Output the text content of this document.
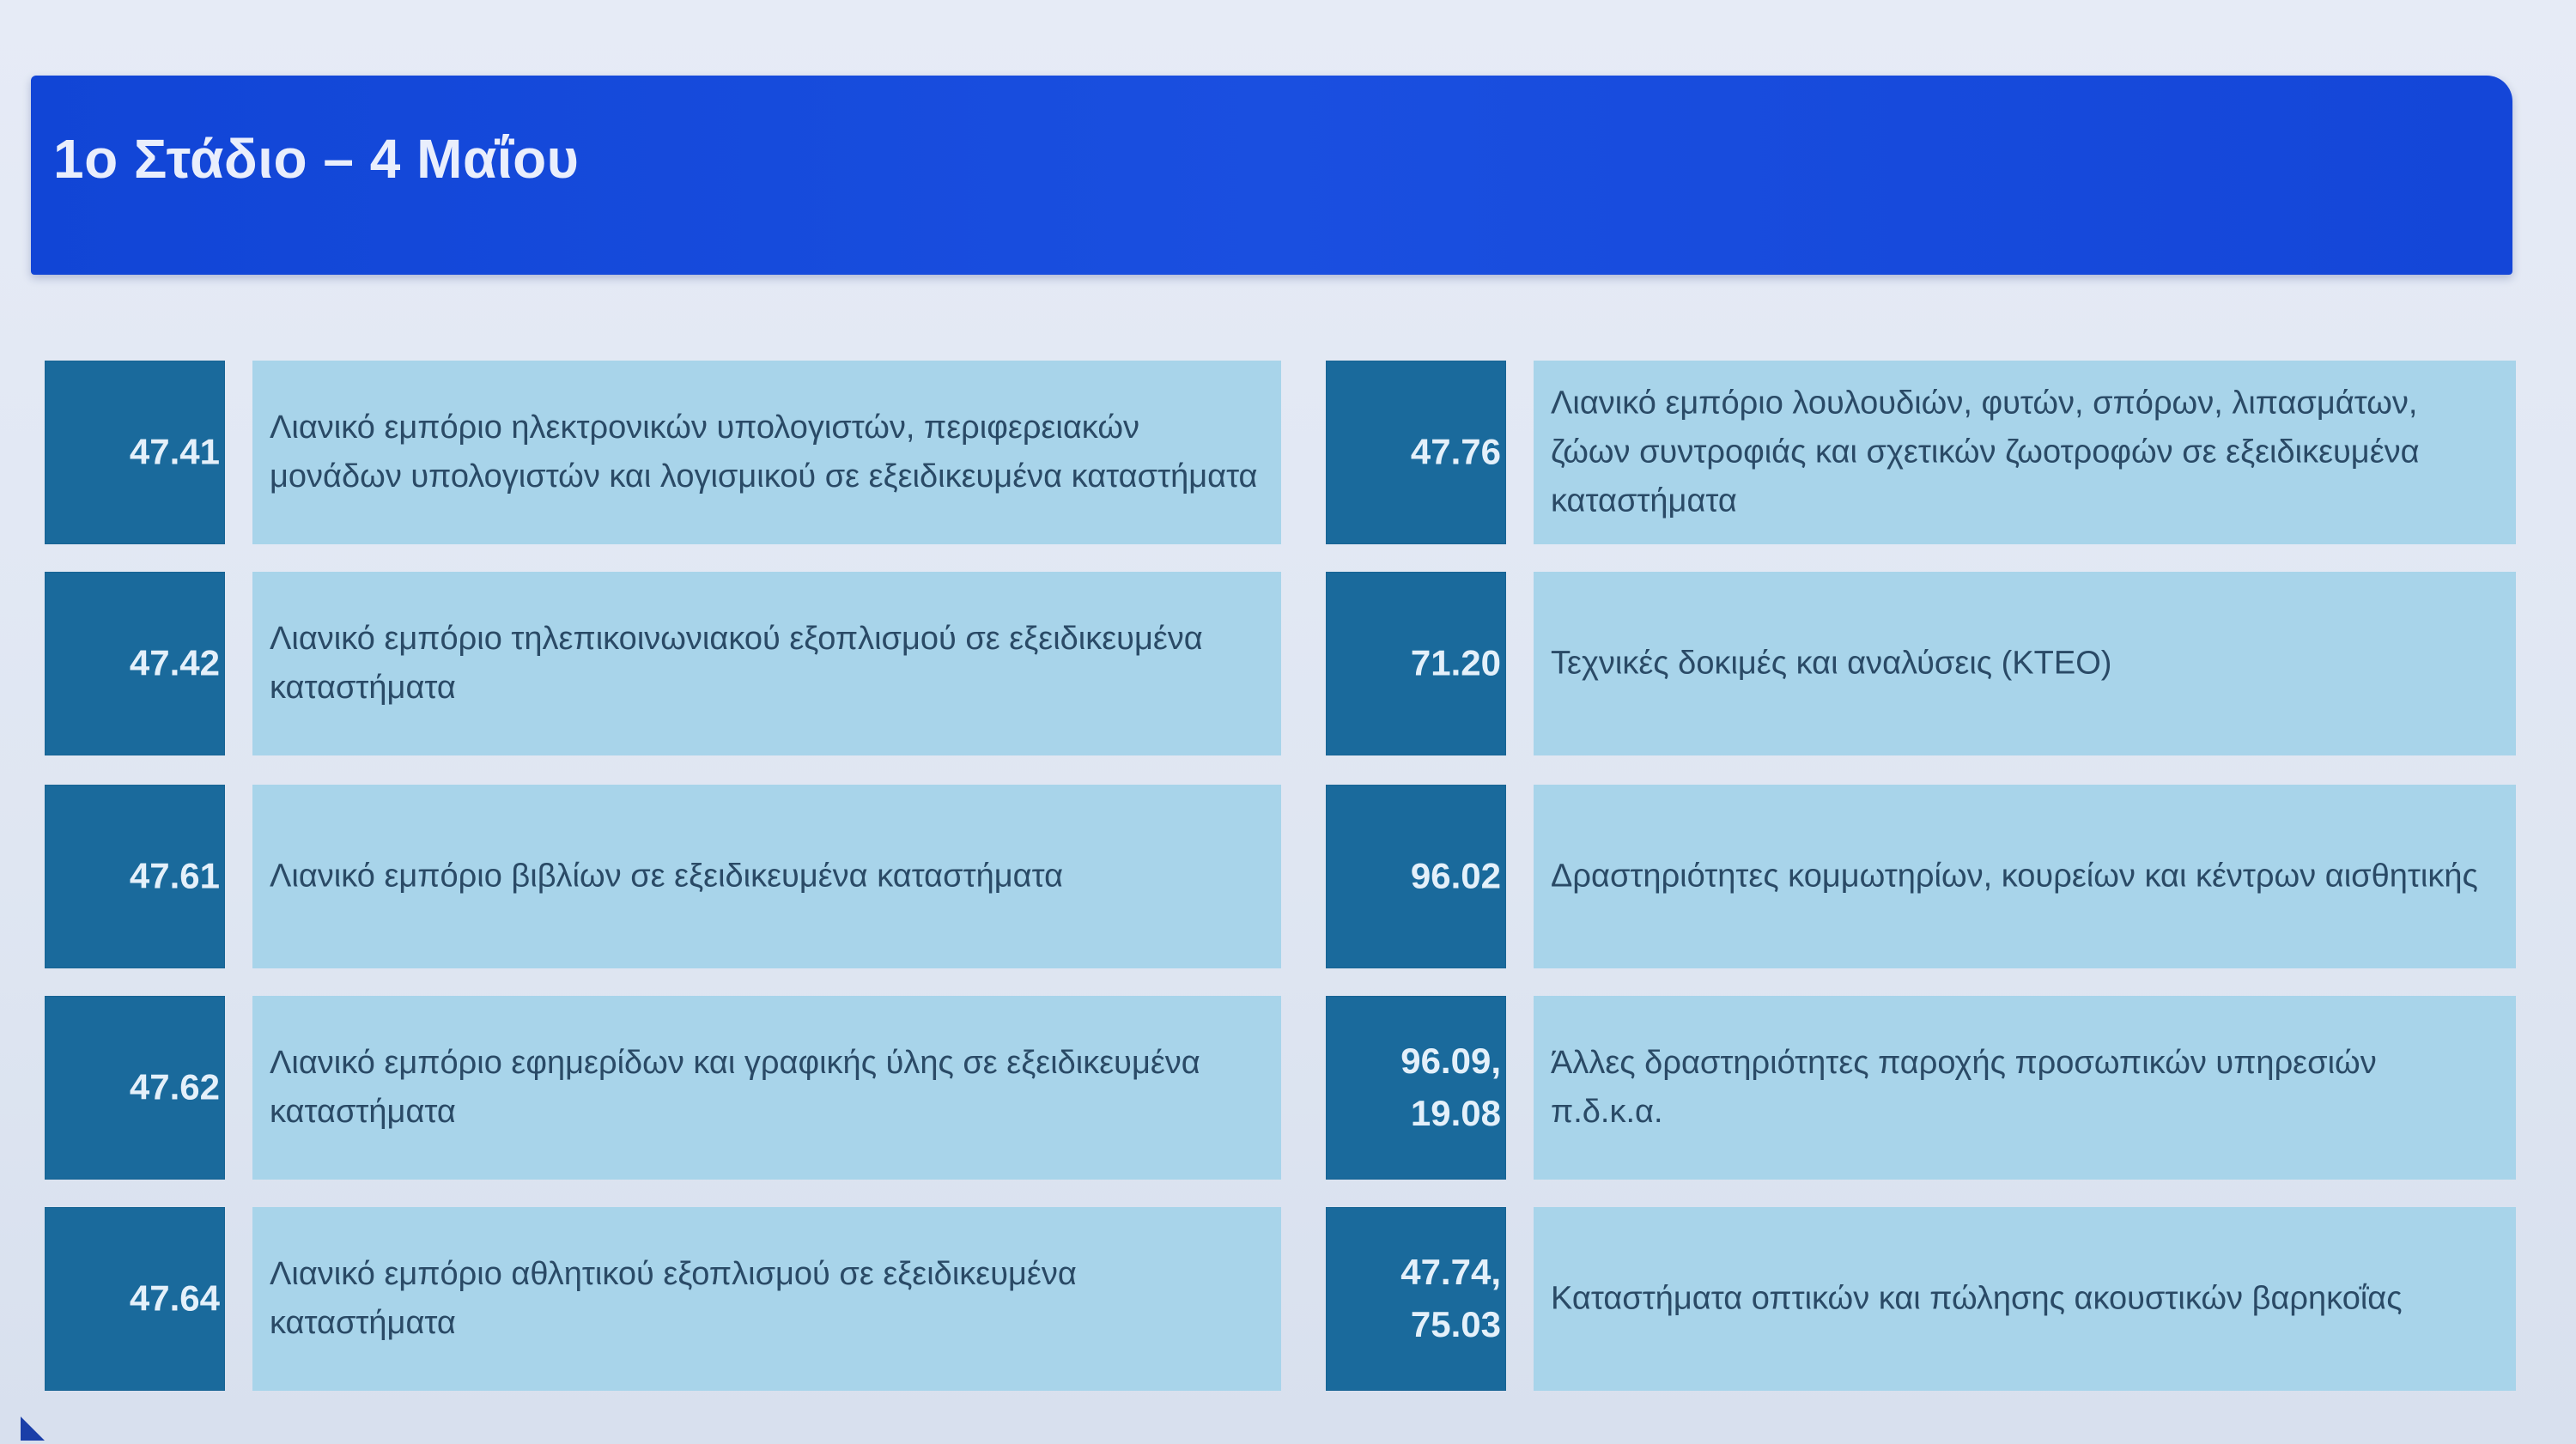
1ο Στάδιο – 4 Μαΐου
47.41
Λιανικό εμπόριο ηλεκτρονικών υπολογιστών, περιφερειακών μονάδων υπολογιστών και λογισμικού σε εξειδικευμένα καταστήματα
47.42
Λιανικό εμπόριο τηλεπικοινωνιακού εξοπλισμού σε εξειδικευμένα καταστήματα
47.61 Λιανικό εμπόριο βιβλίων σε εξειδικευμένα καταστήματα
47.62
Λιανικό εμπόριο εφημερίδων και γραφικής ύλης σε εξειδικευμένα καταστήματα
47.64
Λιανικό εμπόριο αθλητικού εξοπλισμού σε εξειδικευμένα καταστήματα
47.76
Λιανικό εμπόριο λουλουδιών, φυτών, σπόρων, λιπασμάτων, ζώων συντροφιάς και σχετικών ζωοτροφών σε εξειδικευμένα καταστήματα
71.20 Τεχνικές δοκιμές και αναλύσεις (ΚΤΕΟ)
96.02 Δραστηριότητες κομμωτηρίων, κουρείων και κέντρων αισθητικής
96.09,
19.08
Άλλες δραστηριότητες παροχής προσωπικών υπηρεσιών π.δ.κ.α.
47.74,
75.03
Καταστήματα οπτικών και πώλησης ακουστικών βαρηκοΐας
